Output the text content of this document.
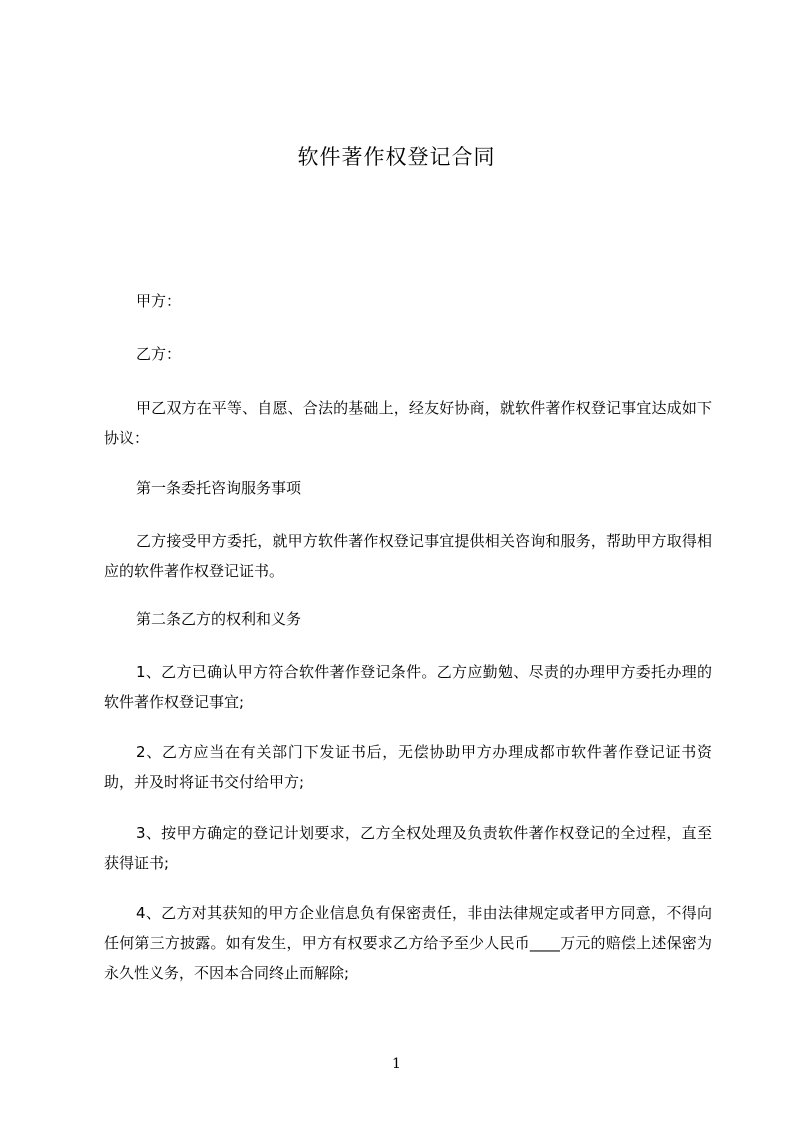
软件著作权登记合同
甲方：
乙方：
甲乙双方在平等、自愿、合法的基础上，经友好协商，就软件著作权登记事宜达成如下协议：
第一条委托咨询服务事项
乙方接受甲方委托，就甲方软件著作权登记事宜提供相关咨询和服务，帮助甲方取得相应的软件著作权登记证书。
第二条乙方的权利和义务
1、乙方已确认甲方符合软件著作登记条件。乙方应勤勉、尽责的办理甲方委托办理的软件著作权登记事宜;
2、乙方应当在有关部门下发证书后，无偿协助甲方办理成都市软件著作登记证书资助，并及时将证书交付给甲方;
3、按甲方确定的登记计划要求，乙方全权处理及负责软件著作权登记的全过程，直至获得证书;
4、乙方对其获知的甲方企业信息负有保密责任，非由法律规定或者甲方同意，不得向任何第三方披露。如有发生，甲方有权要求乙方给予至少人民币____万元的赔偿上述保密为永久性义务，不因本合同终止而解除;
1
